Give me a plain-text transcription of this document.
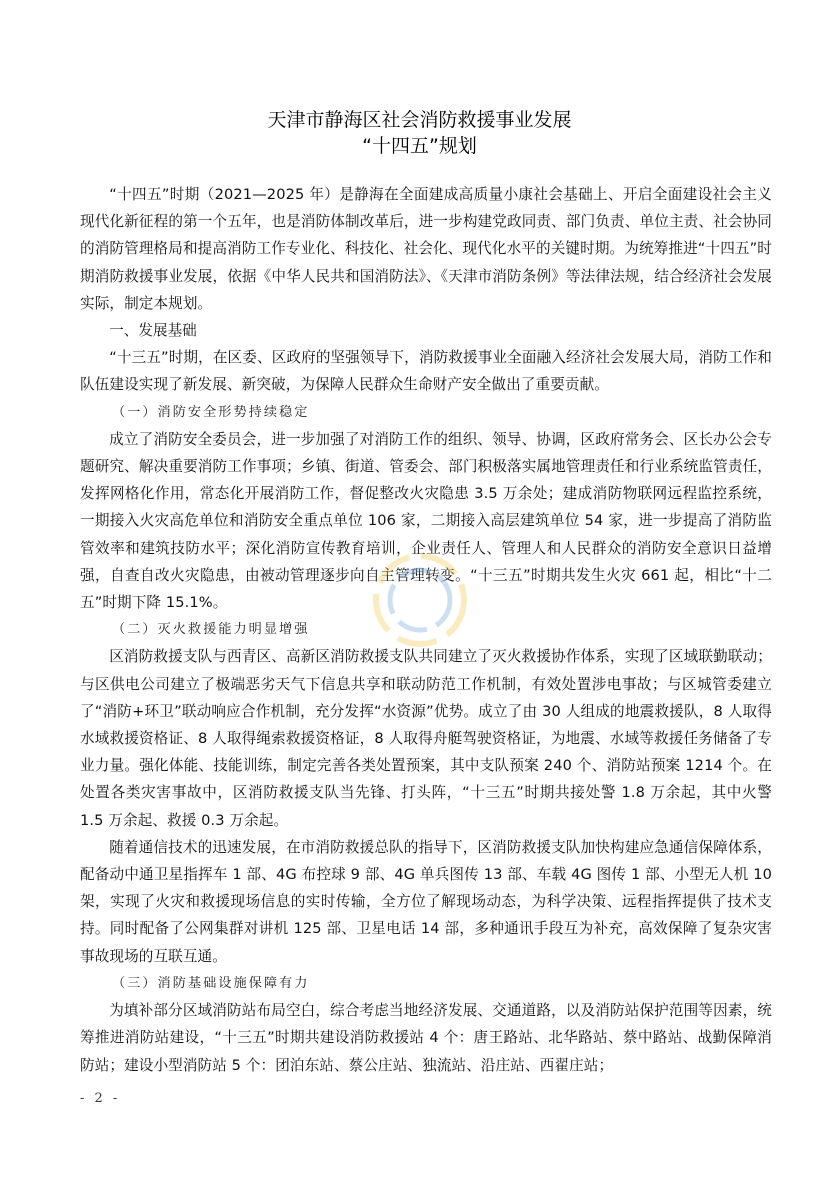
天津市静海区社会消防救援事业发展
“十四五”规划

“十四五”时期（2021—2025 年）是静海在全面建成高质量小康社会基础上、开启全面建设社会主义现代化新征程的第一个五年，也是消防体制改革后，进一步构建党政同责、部门负责、单位主责、社会协同的消防管理格局和提高消防工作专业化、科技化、社会化、现代化水平的关键时期。为统筹推进“十四五”时期消防救援事业发展，依据《中华人民共和国消防法》、《天津市消防条例》等法律法规，结合经济社会发展实际，制定本规划。

一、发展基础

“十三五”时期，在区委、区政府的坚强领导下，消防救援事业全面融入经济社会发展大局，消防工作和队伍建设实现了新发展、新突破，为保障人民群众生命财产安全做出了重要贡献。

（一）消防安全形势持续稳定

成立了消防安全委员会，进一步加强了对消防工作的组织、领导、协调，区政府常务会、区长办公会专题研究、解决重要消防工作事项；乡镇、街道、管委会、部门积极落实属地管理责任和行业系统监管责任，发挥网格化作用，常态化开展消防工作，督促整改火灾隐患 3.5 万余处；建成消防物联网远程监控系统，一期接入火灾高危单位和消防安全重点单位 106 家，二期接入高层建筑单位 54 家，进一步提高了消防监管效率和建筑技防水平；深化消防宣传教育培训，企业责任人、管理人和人民群众的消防安全意识日益增强，自查自改火灾隐患，由被动管理逐步向自主管理转变。“十三五”时期共发生火灾 661 起，相比“十二五”时期下降 15.1%。

（二）灭火救援能力明显增强

区消防救援支队与西青区、高新区消防救援支队共同建立了灭火救援协作体系，实现了区域联勤联动；与区供电公司建立了极端恶劣天气下信息共享和联动防范工作机制，有效处置涉电事故；与区城管委建立了“消防+环卫”联动响应合作机制，充分发挥“水资源”优势。成立了由 30 人组成的地震救援队，8 人取得水域救援资格证、8 人取得绳索救援资格证，8 人取得舟艇驾驶资格证，为地震、水域等救援任务储备了专业力量。强化体能、技能训练，制定完善各类处置预案，其中支队预案 240 个、消防站预案 1214 个。在处置各类灾害事故中，区消防救援支队当先锋、打头阵，“十三五”时期共接处警 1.8 万余起，其中火警 1.5 万余起、救援 0.3 万余起。

随着通信技术的迅速发展，在市消防救援总队的指导下，区消防救援支队加快构建应急通信保障体系，配备动中通卫星指挥车 1 部、4G 布控球 9 部、4G 单兵图传 13 部、车载 4G 图传 1 部、小型无人机 10 架，实现了火灾和救援现场信息的实时传输，全方位了解现场动态，为科学决策、远程指挥提供了技术支持。同时配备了公网集群对讲机 125 部、卫星电话 14 部，多种通讯手段互为补充，高效保障了复杂灾害事故现场的互联互通。

（三）消防基础设施保障有力

为填补部分区域消防站布局空白，综合考虑当地经济发展、交通道路，以及消防站保护范围等因素，统筹推进消防站建设，“十三五”时期共建设消防救援站 4 个：唐王路站、北华路站、蔡中路站、战勤保障消防站；建设小型消防站 5 个：团泊东站、蔡公庄站、独流站、沿庄站、西翟庄站；

- 2 -
